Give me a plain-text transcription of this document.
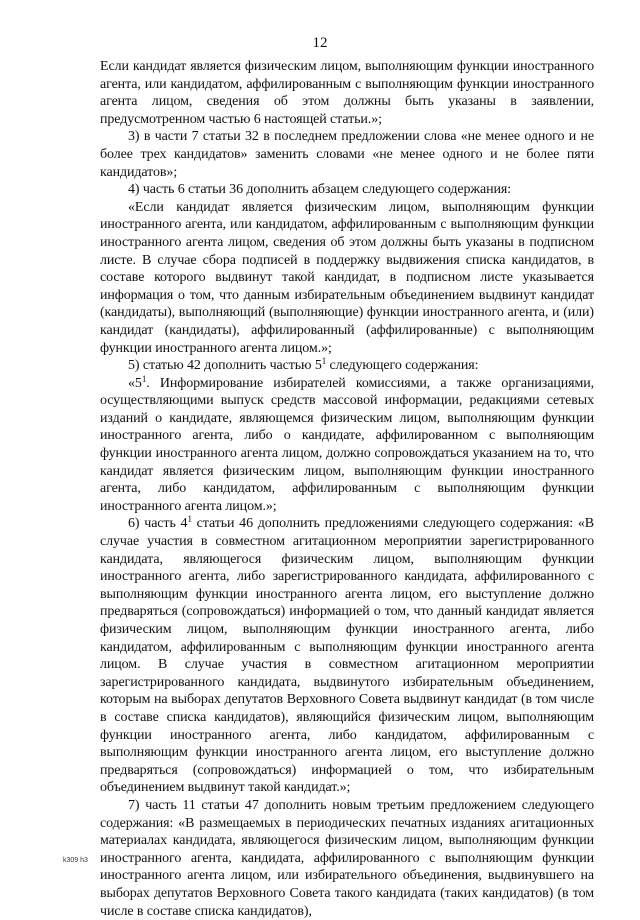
12

Если кандидат является физическим лицом, выполняющим функции иностранного агента, или кандидатом, аффилированным с выполняющим функции иностранного агента лицом, сведения об этом должны быть указаны в заявлении, предусмотренном частью 6 настоящей статьи.»;

3) в части 7 статьи 32 в последнем предложении слова «не менее одного и не более трех кандидатов» заменить словами «не менее одного и не более пяти кандидатов»;

4) часть 6 статьи 36 дополнить абзацем следующего содержания:

«Если кандидат является физическим лицом, выполняющим функции иностранного агента, или кандидатом, аффилированным с выполняющим функции иностранного агента лицом, сведения об этом должны быть указаны в подписном листе. В случае сбора подписей в поддержку выдвижения списка кандидатов, в составе которого выдвинут такой кандидат, в подписном листе указывается информация о том, что данным избирательным объединением выдвинут кандидат (кандидаты), выполняющий (выполняющие) функции иностранного агента, и (или) кандидат (кандидаты), аффилированный (аффилированные) с выполняющим функции иностранного агента лицом.»;

5) статью 42 дополнить частью $5^1$ следующего содержания:

«$5^1$. Информирование избирателей комиссиями, а также организациями, осуществляющими выпуск средств массовой информации, редакциями сетевых изданий о кандидате, являющемся физическим лицом, выполняющим функции иностранного агента, либо о кандидате, аффилированном с выполняющим функции иностранного агента лицом, должно сопровождаться указанием на то, что кандидат является физическим лицом, выполняющим функции иностранного агента, либо кандидатом, аффилированным с выполняющим функции иностранного агента лицом.»;

6) часть $4^1$ статьи 46 дополнить предложениями следующего содержания: «В случае участия в совместном агитационном мероприятии зарегистрированного кандидата, являющегося физическим лицом, выполняющим функции иностранного агента, либо зарегистрированного кандидата, аффилированного с выполняющим функции иностранного агента лицом, его выступление должно предваряться (сопровождаться) информацией о том, что данный кандидат является физическим лицом, выполняющим функции иностранного агента, либо кандидатом, аффилированным с выполняющим функции иностранного агента лицом. В случае участия в совместном агитационном мероприятии зарегистрированного кандидата, выдвинутого избирательным объединением, которым на выборах депутатов Верховного Совета выдвинут кандидат (в том числе в составе списка кандидатов), являющийся физическим лицом, выполняющим функции иностранного агента, либо кандидатом, аффилированным с выполняющим функции иностранного агента лицом, его выступление должно предваряться (сопровождаться) информацией о том, что избирательным объединением выдвинут такой кандидат.»;

7) часть 11 статьи 47 дополнить новым третьим предложением следующего содержания: «В размещаемых в периодических печатных изданиях агитационных материалах кандидата, являющегося физическим лицом, выполняющим функции иностранного агента, кандидата, аффилированного с выполняющим функции иностранного агента лицом, или избирательного объединения, выдвинувшего на выборах депутатов Верховного Совета такого кандидата (таких кандидатов) (в том числе в составе списка кандидатов),

k309 h3
